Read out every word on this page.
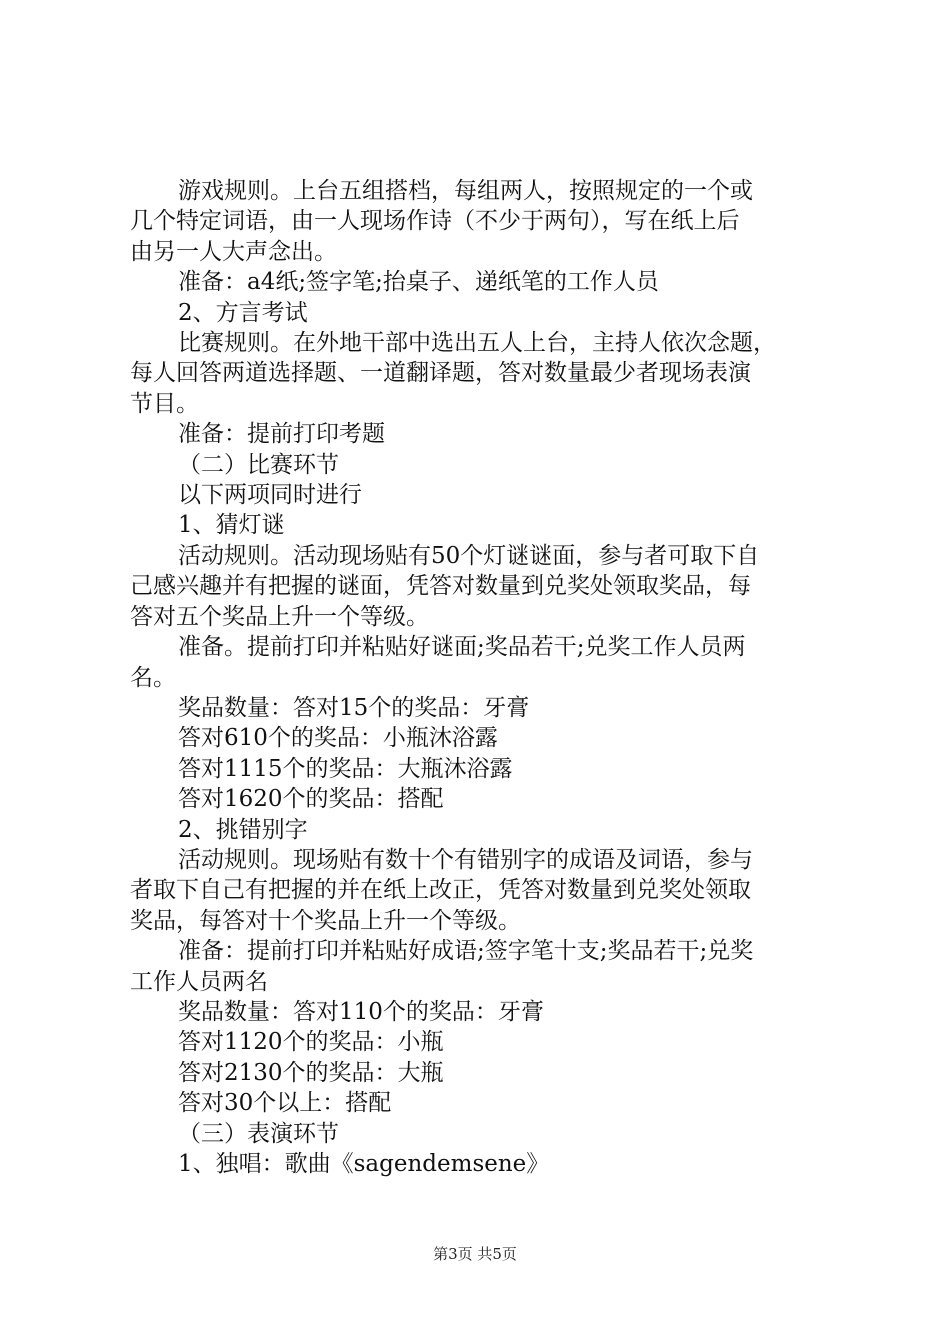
游戏规则。上台五组搭档，每组两人，按照规定的一个或
几个特定词语，由一人现场作诗（不少于两句），写在纸上后
由另一人大声念出。

准备：a4纸;签字笔;抬桌子、递纸笔的工作人员

2、方言考试

比赛规则。在外地干部中选出五人上台，主持人依次念题，
每人回答两道选择题、一道翻译题，答对数量最少者现场表演
节目。

准备：提前打印考题

（二）比赛环节

以下两项同时进行

1、猜灯谜

活动规则。活动现场贴有50个灯谜谜面，参与者可取下自
己感兴趣并有把握的谜面，凭答对数量到兑奖处领取奖品，每
答对五个奖品上升一个等级。

准备。提前打印并粘贴好谜面;奖品若干;兑奖工作人员两
名。

奖品数量：答对15个的奖品：牙膏

答对610个的奖品：小瓶沐浴露

答对1115个的奖品：大瓶沐浴露

答对1620个的奖品：搭配

2、挑错别字

活动规则。现场贴有数十个有错别字的成语及词语，参与
者取下自己有把握的并在纸上改正，凭答对数量到兑奖处领取
奖品，每答对十个奖品上升一个等级。

准备：提前打印并粘贴好成语;签字笔十支;奖品若干;兑奖
工作人员两名

奖品数量：答对110个的奖品：牙膏

答对1120个的奖品：小瓶

答对2130个的奖品：大瓶

答对30个以上：搭配

（三）表演环节

1、独唱：歌曲《sagendemsene》

第3页 共5页
